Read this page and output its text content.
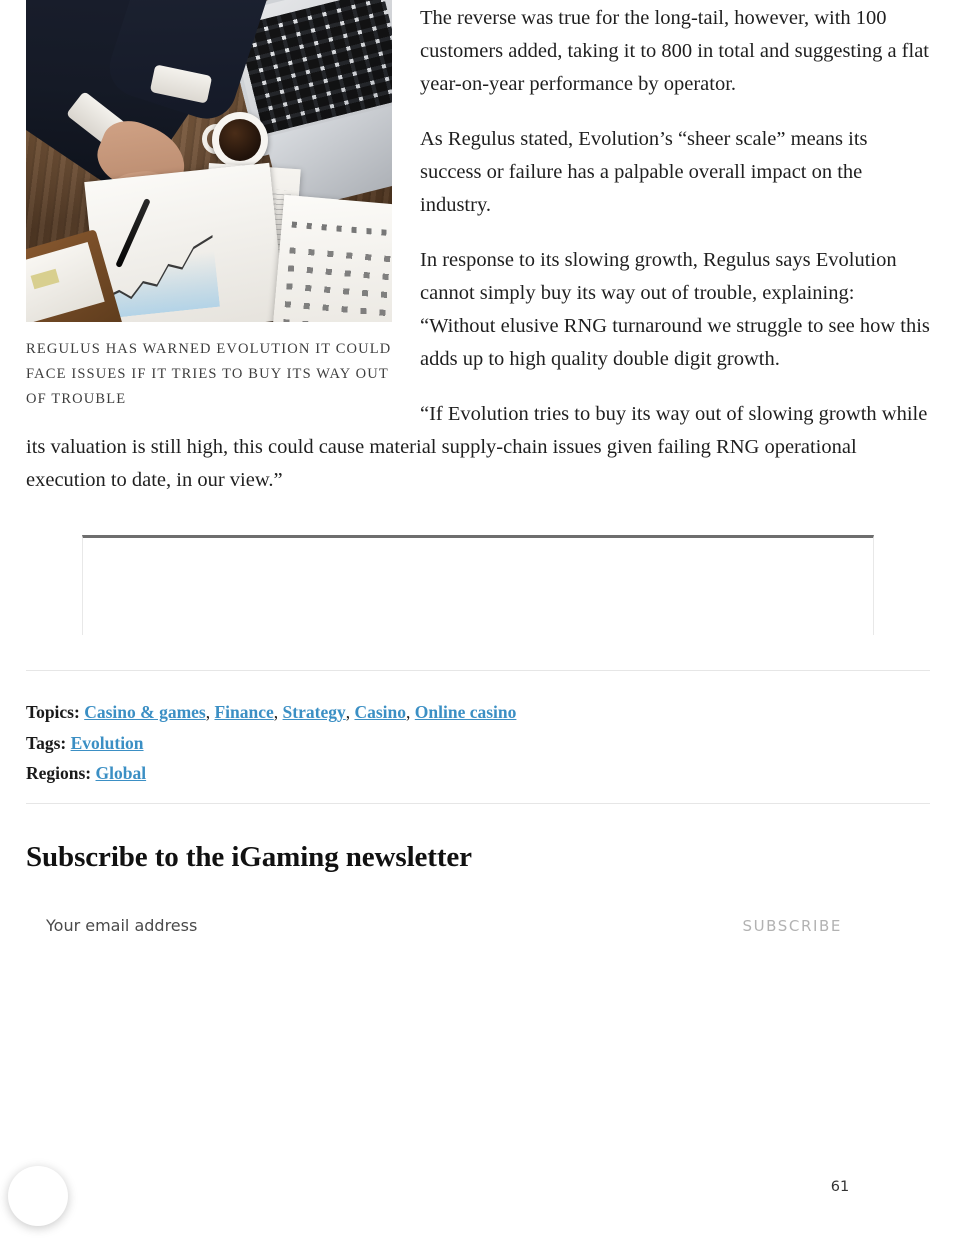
REGULUS HAS WARNED EVOLUTION IT COULD FACE ISSUES IF IT TRIES TO BUY ITS WAY OUT OF TROUBLE

The reverse was true for the long-tail, however, with 100 customers added, taking it to 800 in total and suggesting a flat year-on-year performance by operator.

As Regulus stated, Evolution’s “sheer scale” means its success or failure has a palpable overall impact on the industry.

In response to its slowing growth, Regulus says Evolution cannot simply buy its way out of trouble, explaining: “Without elusive RNG turnaround we struggle to see how this adds up to high quality double digit growth.

“If Evolution tries to buy its way out of slowing growth while its valuation is still high, this could cause material supply-chain issues given failing RNG operational execution to date, in our view.”

Topics: Casino & games, Finance, Strategy, Casino, Online casino
Tags: Evolution
Regions: Global
Subscribe to the iGaming newsletter
Your email address
SUBSCRIBE
61
